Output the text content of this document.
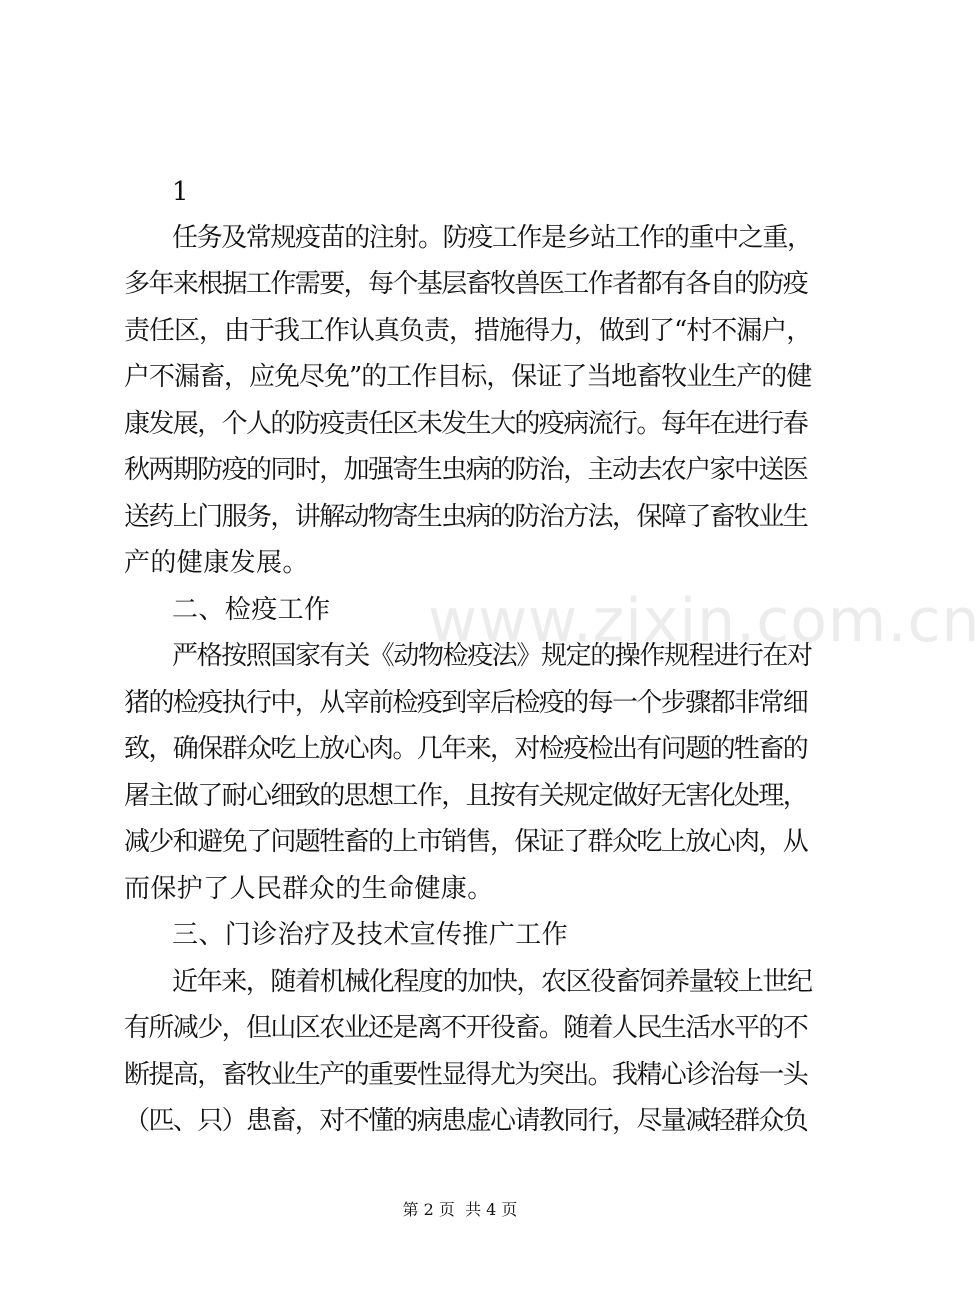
www.zixin.com.cn
1
任务及常规疫苗的注射。防疫工作是乡站工作的重中之重，
多年来根据工作需要，每个基层畜牧兽医工作者都有各自的防疫
责任区，由于我工作认真负责，措施得力，做到了“村不漏户，
户不漏畜，应免尽免”的工作目标，保证了当地畜牧业生产的健
康发展，个人的防疫责任区未发生大的疫病流行。每年在进行春
秋两期防疫的同时，加强寄生虫病的防治，主动去农户家中送医
送药上门服务，讲解动物寄生虫病的防治方法，保障了畜牧业生
产的健康发展。
二、检疫工作
严格按照国家有关《动物检疫法》规定的操作规程进行在对
猪的检疫执行中，从宰前检疫到宰后检疫的每一个步骤都非常细
致，确保群众吃上放心肉。几年来，对检疫检出有问题的牲畜的
屠主做了耐心细致的思想工作，且按有关规定做好无害化处理，
减少和避免了问题牲畜的上市销售，保证了群众吃上放心肉，从
而保护了人民群众的生命健康。
三、门诊治疗及技术宣传推广工作
近年来，随着机械化程度的加快，农区役畜饲养量较上世纪
有所减少，但山区农业还是离不开役畜。随着人民生活水平的不
断提高，畜牧业生产的重要性显得尤为突出。我精心诊治每一头
（匹、只）患畜，对不懂的病患虚心请教同行，尽量减轻群众负
第 2 页  共 4 页
